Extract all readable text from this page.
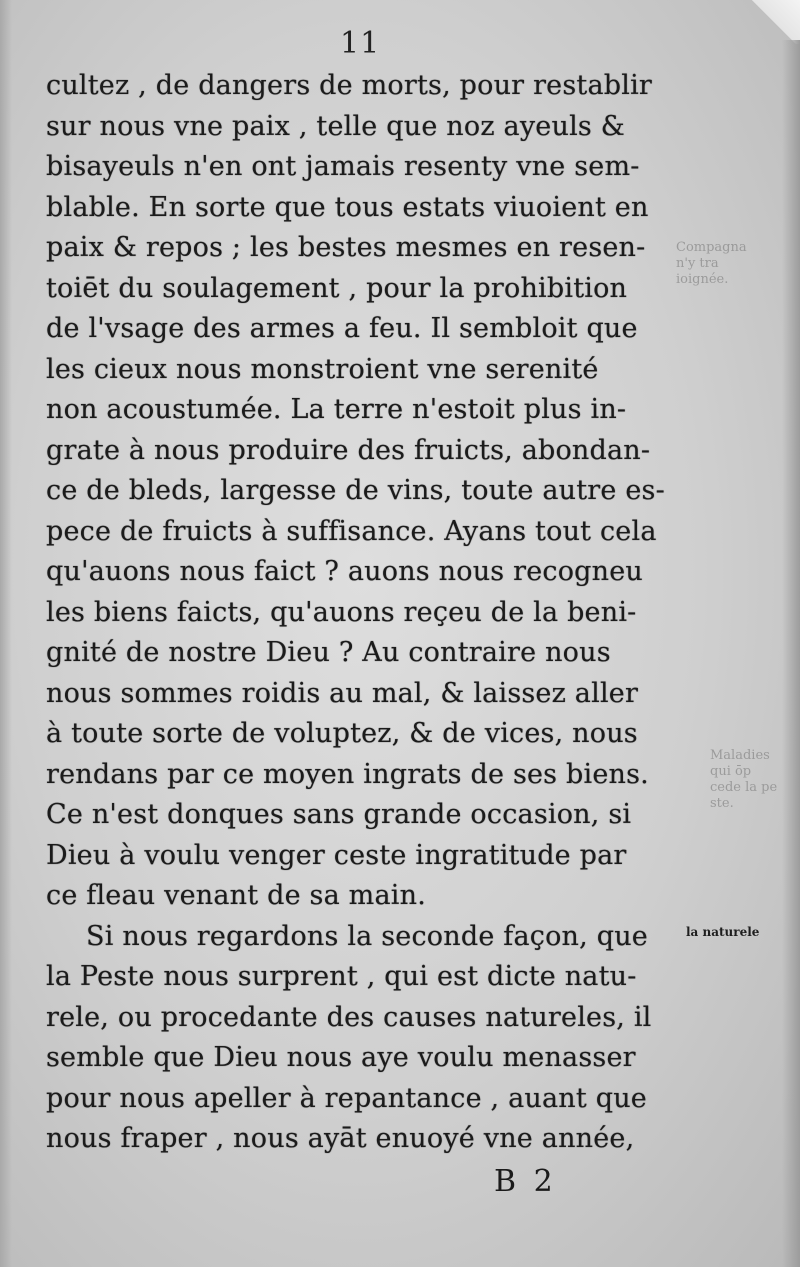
Compagna
n'y tra
ioignée.
Maladies
qui ōp
cede la pe
ste.
11
cultez , de dangers de morts, pour restablir
sur nous vne paix , telle que noz ayeuls &
bisayeuls n'en ont jamais resenty vne sem-
blable. En sorte que tous estats viuoient en
paix & repos ; les bestes mesmes en resen-
toiēt du soulagement , pour la prohibition
de l'vsage des armes a feu. Il sembloit que
les cieux nous monstroient vne serenité
non acoustumée. La terre n'estoit plus in-
grate à nous produire des fruicts, abondan-
ce de bleds, largesse de vins, toute autre es-
pece de fruicts à suffisance. Ayans tout cela
qu'auons nous faict ? auons nous recogneu
les biens faicts, qu'auons reçeu de la beni-
gnité de nostre Dieu ? Au contraire nous
nous sommes roidis au mal, & laissez aller
à toute sorte de voluptez, & de vices, nous
rendans par ce moyen ingrats de ses biens.
Ce n'est donques sans grande occasion, si
Dieu à voulu venger ceste ingratitude par
ce fleau venant de sa main.
Si nous regardons la seconde façon, que
la Peste nous surprent , qui est dicte natu-
rele, ou procedante des causes natureles, il
semble que Dieu nous aye voulu menasser
pour nous apeller à repantance , auant que
nous fraper , nous ayāt enuoyé vne année,
la naturele
B 2
